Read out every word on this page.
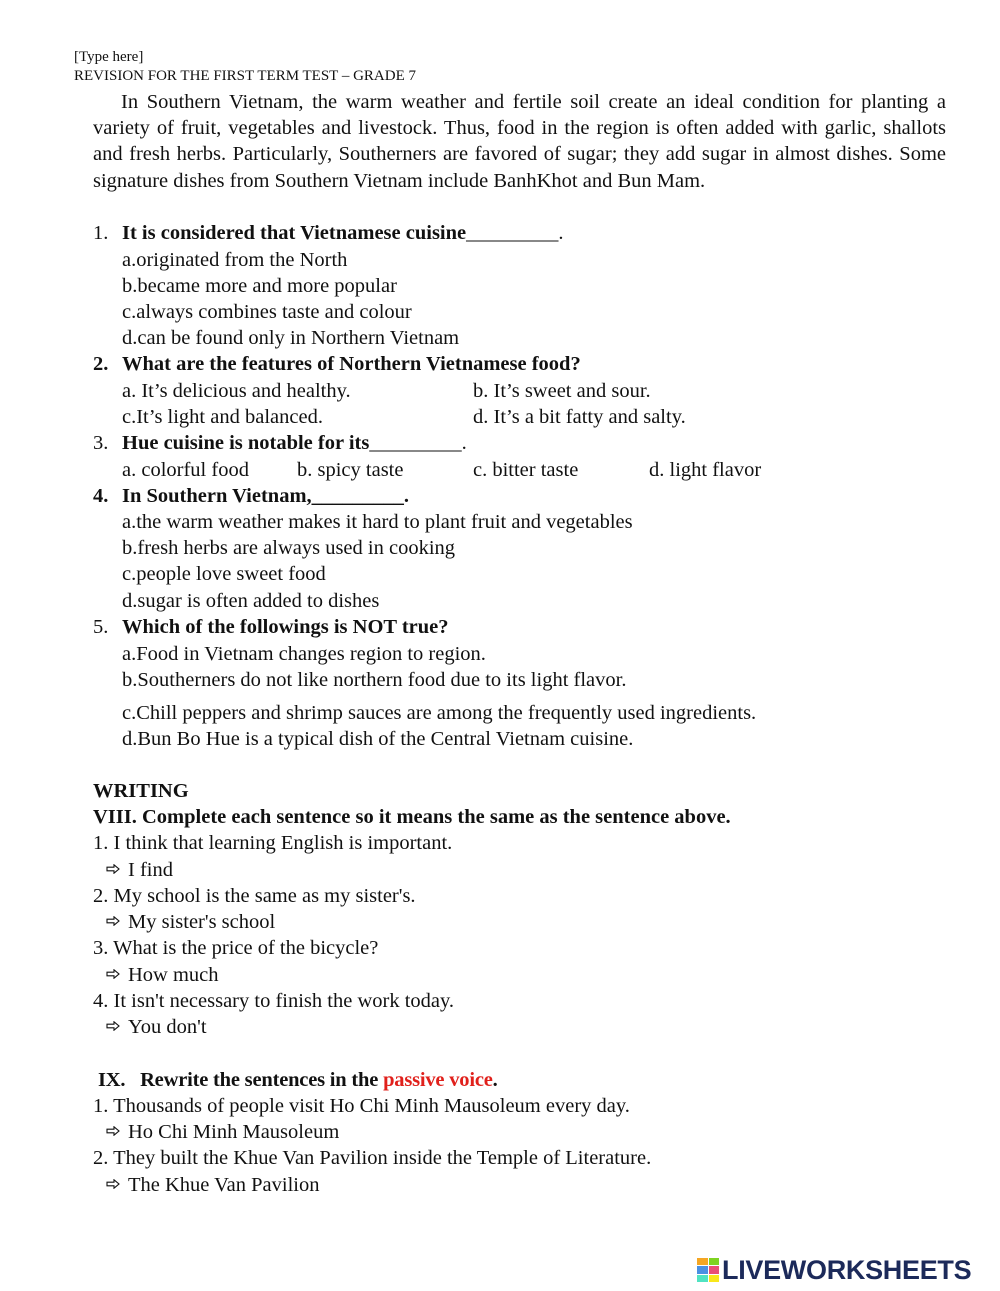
[Type here]
REVISION FOR THE FIRST TERM TEST – GRADE 7
In Southern Vietnam, the warm weather and fertile soil create an ideal condition for planting a variety of fruit, vegetables and livestock. Thus, food in the region is often added with garlic, shallots and fresh herbs. Particularly, Southerners are favored of sugar; they add sugar in almost dishes. Some signature dishes from Southern Vietnam include BanhKhot and Bun Mam.
1. It is considered that Vietnamese cuisine_________.
a.originated from the North
b.became more and more popular
c.always combines taste and colour
d.can be found only in Northern Vietnam
2. What are the features of Northern Vietnamese food?
a. It’s delicious and healthy.	b. It’s sweet and sour.
c.It’s light and balanced.	d. It’s a bit fatty and salty.
3. Hue cuisine is notable for its_________.
a. colorful food b. spicy taste	c. bitter taste	d. light flavor
4. In Southern Vietnam,_________.
a.the warm weather makes it hard to plant fruit and vegetables
b.fresh herbs are always used in cooking
c.people love sweet food
d.sugar is often added to dishes
5. Which of the followings is NOT true?
a.Food in Vietnam changes region to region.
b.Southerners do not like northern food due to its light flavor.
c.Chill peppers and shrimp sauces are among the frequently used ingredients.
d.Bun Bo Hue is a typical dish of the Central Vietnam cuisine.
WRITING
VIII. Complete each sentence so it means the same as the sentence above.
1. I think that learning English is important.
I find
2. My school is the same as my sister's.
My sister's school
3. What is the price of the bicycle?
How much
4. It isn't necessary to finish the work today.
You don't
IX.   Rewrite the sentences in the passive voice.
1. Thousands of people visit Ho Chi Minh Mausoleum every day.
Ho Chi Minh Mausoleum
2. They built the Khue Van Pavilion inside the Temple of Literature.
The Khue Van Pavilion
LIVEWORKSHEETS
